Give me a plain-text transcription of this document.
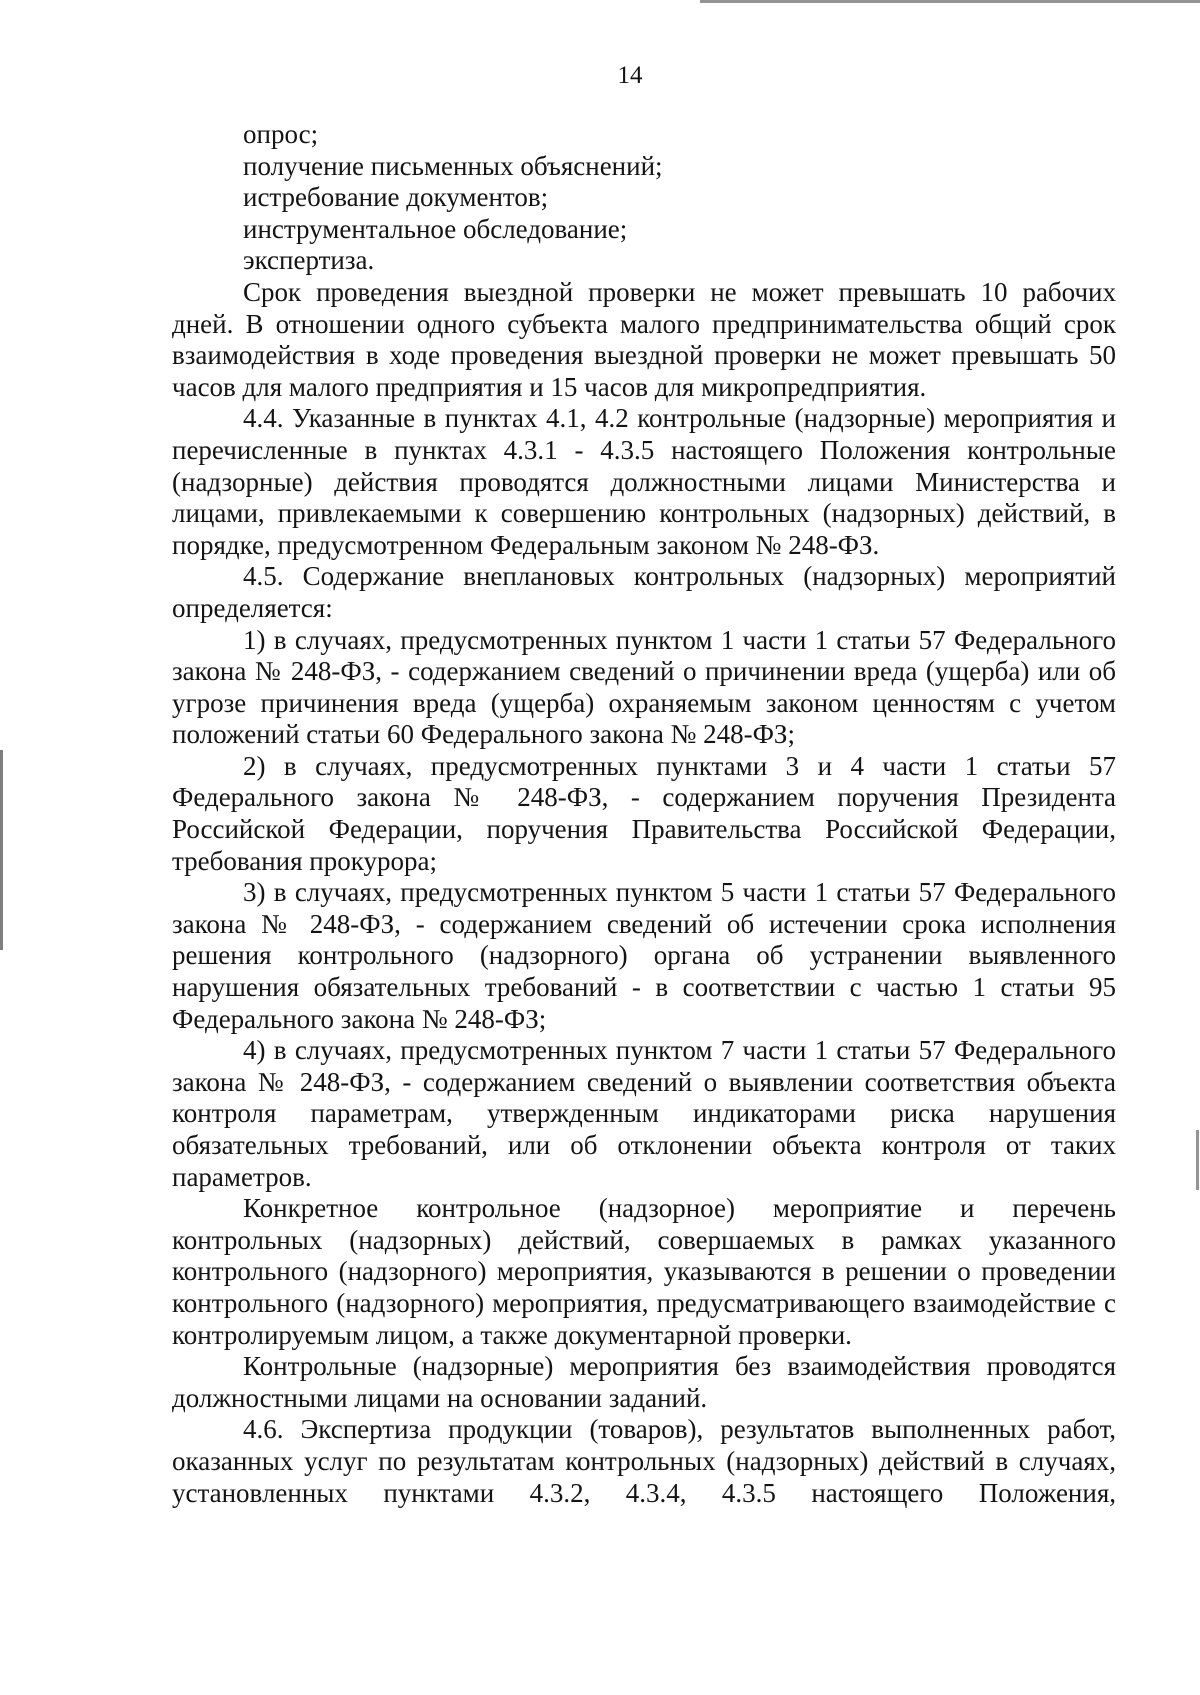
14

опрос;

получение письменных объяснений;

истребование документов;

инструментальное обследование;

экспертиза.

Срок проведения выездной проверки не может превышать 10 рабочих дней. В отношении одного субъекта малого предпринимательства общий срок взаимодействия в ходе проведения выездной проверки не может превышать 50 часов для малого предприятия и 15 часов для микропредприятия.

4.4. Указанные в пунктах 4.1, 4.2 контрольные (надзорные) мероприятия и перечисленные в пунктах 4.3.1 - 4.3.5 настоящего Положения контрольные (надзорные) действия проводятся должностными лицами Министерства и лицами, привлекаемыми к совершению контрольных (надзорных) действий, в порядке, предусмотренном Федеральным законом № 248-ФЗ.

4.5. Содержание внеплановых контрольных (надзорных) мероприятий определяется:

1) в случаях, предусмотренных пунктом 1 части 1 статьи 57 Федерального закона № 248-ФЗ, - содержанием сведений о причинении вреда (ущерба) или об угрозе причинения вреда (ущерба) охраняемым законом ценностям с учетом положений статьи 60 Федерального закона № 248-ФЗ;

2) в случаях, предусмотренных пунктами 3 и 4 части 1 статьи 57 Федерального закона № 248-ФЗ, - содержанием поручения Президента Российской Федерации, поручения Правительства Российской Федерации, требования прокурора;

3) в случаях, предусмотренных пунктом 5 части 1 статьи 57 Федерального закона № 248-ФЗ, - содержанием сведений об истечении срока исполнения решения контрольного (надзорного) органа об устранении выявленного нарушения обязательных требований - в соответствии с частью 1 статьи 95 Федерального закона № 248-ФЗ;

4) в случаях, предусмотренных пунктом 7 части 1 статьи 57 Федерального закона № 248-ФЗ, - содержанием сведений о выявлении соответствия объекта контроля параметрам, утвержденным индикаторами риска нарушения обязательных требований, или об отклонении объекта контроля от таких параметров.

Конкретное контрольное (надзорное) мероприятие и перечень контрольных (надзорных) действий, совершаемых в рамках указанного контрольного (надзорного) мероприятия, указываются в решении о проведении контрольного (надзорного) мероприятия, предусматривающего взаимодействие с контролируемым лицом, а также документарной проверки.

Контрольные (надзорные) мероприятия без взаимодействия проводятся должностными лицами на основании заданий.

4.6. Экспертиза продукции (товаров), результатов выполненных работ, оказанных услуг по результатам контрольных (надзорных) действий в случаях, установленных пунктами 4.3.2, 4.3.4, 4.3.5 настоящего Положения,
